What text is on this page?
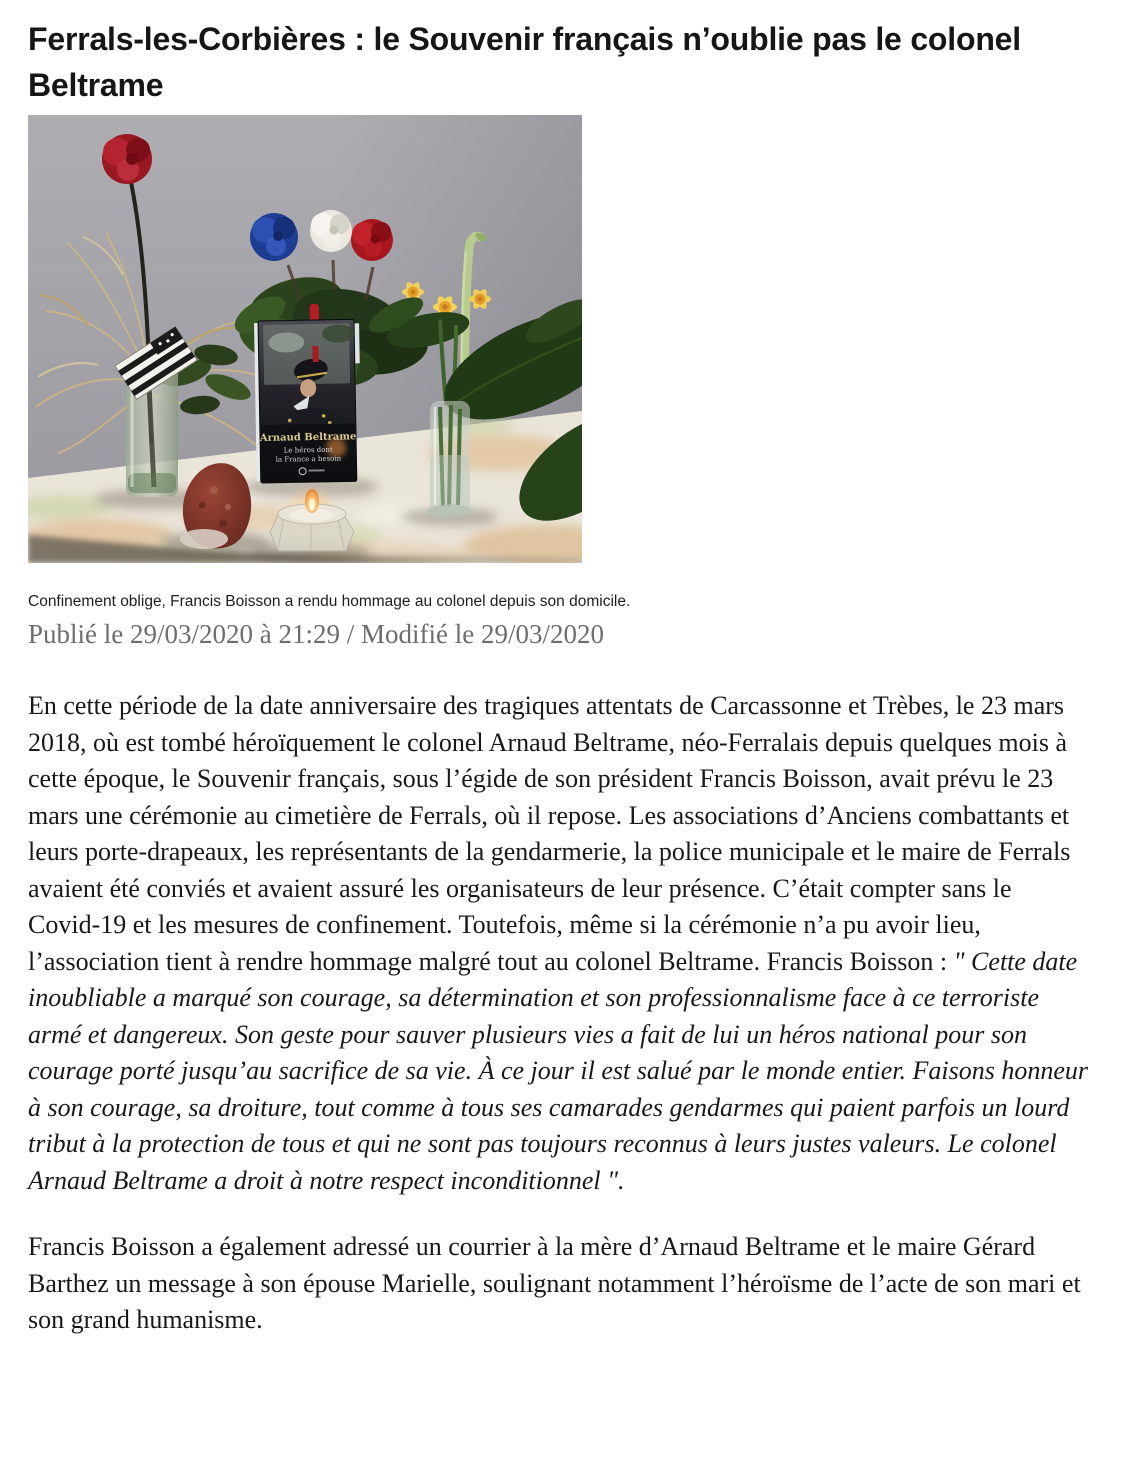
Ferrals-les-Corbières : le Souvenir français n’oublie pas le colonel
Beltrame
Arnaud Beltrame
Le héros dont
la France a besoin

Confinement oblige, Francis Boisson a rendu hommage au colonel depuis son domicile.

Publié le 29/03/2020 à 21:29 / Modifié le 29/03/2020

En cette période de la date anniversaire des tragiques attentats de Carcassonne et Trèbes, le 23 mars 2018, où est tombé héroïquement le colonel Arnaud Beltrame, néo-Ferralais depuis quelques mois à cette époque, le Souvenir français, sous l’égide de son président Francis Boisson, avait prévu le 23 mars une cérémonie au cimetière de Ferrals, où il repose. Les associations d’Anciens combattants et leurs porte-drapeaux, les représentants de la gendarmerie, la police municipale et le maire de Ferrals avaient été conviés et avaient assuré les organisateurs de leur présence. C’était compter sans le Covid-19 et les mesures de confinement. Toutefois, même si la cérémonie n’a pu avoir lieu, l’association tient à rendre hommage malgré tout au colonel Beltrame. Francis Boisson : " Cette date inoubliable a marqué son courage, sa détermination et son professionnalisme face à ce terroriste armé et dangereux. Son geste pour sauver plusieurs vies a fait de lui un héros national pour son courage porté jusqu’au sacrifice de sa vie. À ce jour il est salué par le monde entier. Faisons honneur à son courage, sa droiture, tout comme à tous ses camarades gendarmes qui paient parfois un lourd tribut à la protection de tous et qui ne sont pas toujours reconnus à leurs justes valeurs. Le colonel Arnaud Beltrame a droit à notre respect inconditionnel ".

Francis Boisson a également adressé un courrier à la mère d’Arnaud Beltrame et le maire Gérard Barthez un message à son épouse Marielle, soulignant notamment l’héroïsme de l’acte de son mari et son grand humanisme.
